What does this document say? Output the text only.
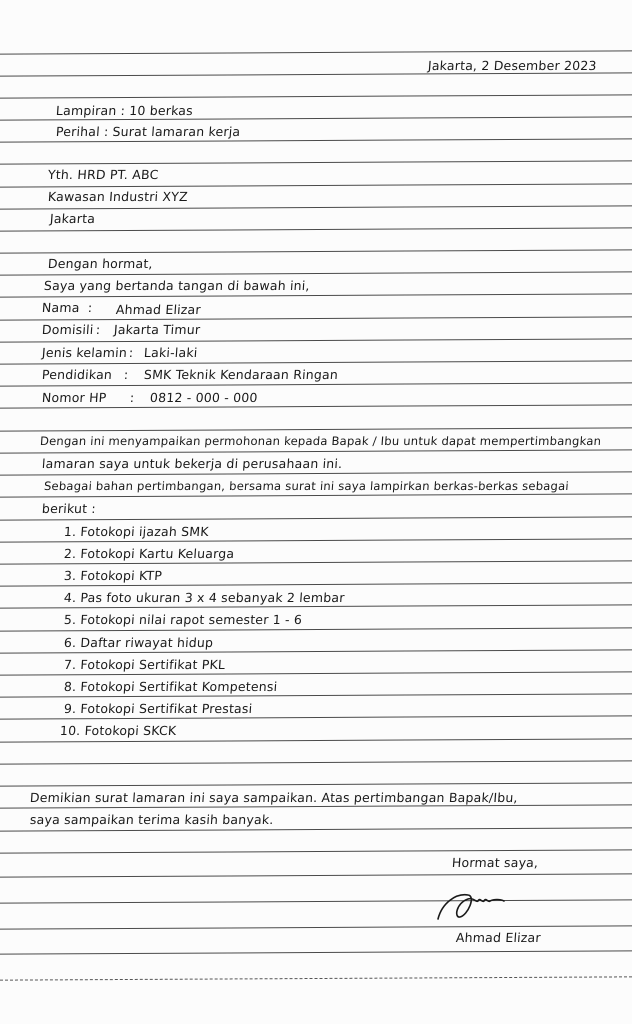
Jakarta, 2 Desember 2023
Lampiran : 10 berkas
Perihal : Surat lamaran kerja
Yth. HRD PT. ABC
Kawasan Industri XYZ
Jakarta
Dengan hormat,
Saya yang bertanda tangan di bawah ini,
Nama : Ahmad Elizar
Domisili : Jakarta Timur
Jenis kelamin : Laki-laki
Pendidikan : SMK Teknik Kendaraan Ringan
Nomor HP : 0812 - 000 - 000
Dengan ini menyampaikan permohonan kepada Bapak / Ibu untuk dapat mempertimbangkan
lamaran saya untuk bekerja di perusahaan ini.
Sebagai bahan pertimbangan, bersama surat ini saya lampirkan berkas-berkas sebagai
berikut :
1. Fotokopi ijazah SMK
2. Fotokopi Kartu Keluarga
3. Fotokopi KTP
4. Pas foto ukuran 3 x 4 sebanyak 2 lembar
5. Fotokopi nilai rapot semester 1 - 6
6. Daftar riwayat hidup
7. Fotokopi Sertifikat PKL
8. Fotokopi Sertifikat Kompetensi
9. Fotokopi Sertifikat Prestasi
10. Fotokopi SKCK
Demikian surat lamaran ini saya sampaikan. Atas pertimbangan Bapak/Ibu,
saya sampaikan terima kasih banyak.
Hormat saya,
Ahmad Elizar
